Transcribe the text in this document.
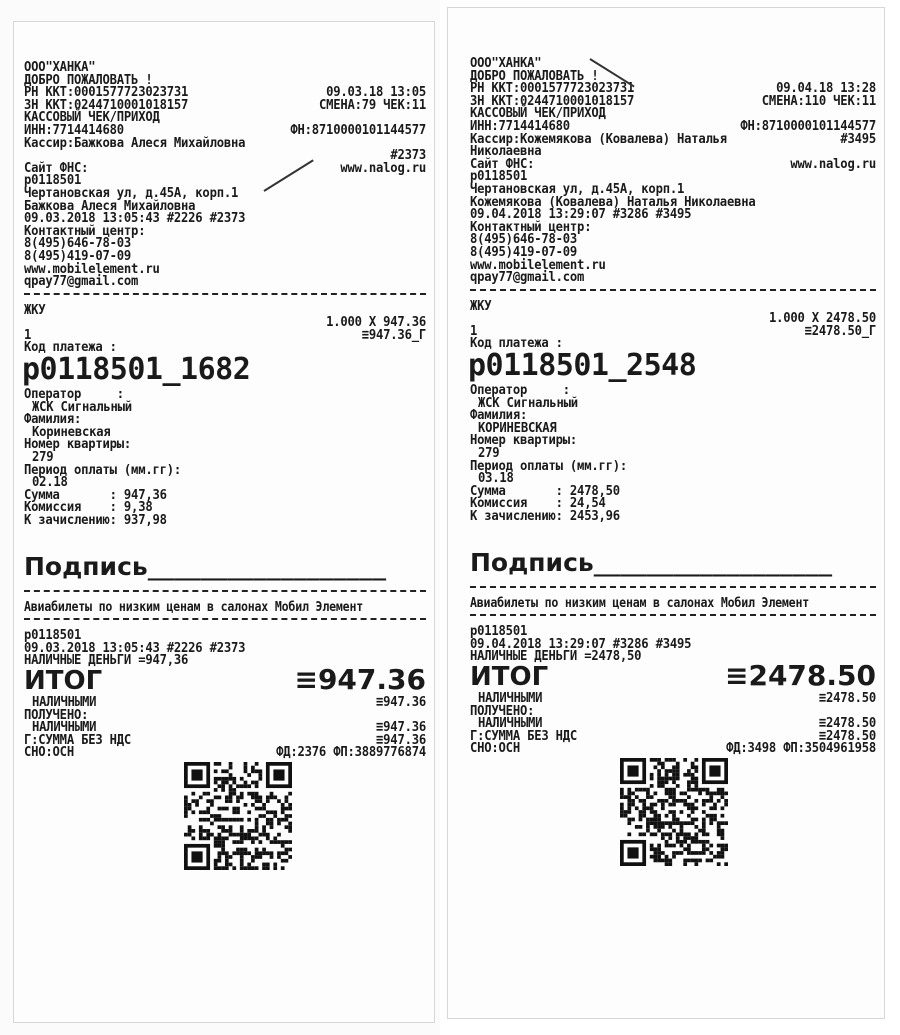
ООО"ХАНКА"
ДОБРО ПОЖАЛОВАТЬ !
РН ККТ:0001577723023731	09.03.18 13:05
ЗН ККТ:0244710001018157	СМЕНА:79 ЧЕК:11
КАССОВЫЙ ЧЕК/ПРИХОД
ИНН:7714414680	ФН:8710000101144577
Кассир:Бажкова Алеся Михайловна
#2373
Сайт ФНС:	www.nalog.ru
р0118501
Чертановская ул, д.45А, корп.1
Бажкова Алеся Михайловна
09.03.2018 13:05:43 #2226 #2373
Контактный центр:
8(495)646-78-03
8(495)419-07-09
www.mobilelement.ru
qpay77@gmail.com
ЖКУ
1.000 X 947.36
1	≡947.36_Г
Код платежа :
р0118501_1682
Оператор     :
ЖСК Сигнальный
Фамилия:
Кориневская
Номер квартиры:
279
Период оплаты (мм.гг):
02.18
Сумма       : 947,36
Комиссия    : 9,38
К зачислению: 937,98
Подпись__________________
Авиабилеты по низким ценам в салонах Мобил Элемент
р0118501
09.03.2018 13:05:43 #2226 #2373
НАЛИЧНЫЕ ДЕНЬГИ =947,36
ИТОГ	≡947.36
НАЛИЧНЫМИ	≡947.36
ПОЛУЧЕНО:
НАЛИЧНЫМИ	≡947.36
Г:СУММА БЕЗ НДС	≡947.36
СНО:ОСН	ФД:2376 ФП:3889776874
ООО"ХАНКА"
ДОБРО ПОЖАЛОВАТЬ !
РН ККТ:0001577723023731	09.04.18 13:28
ЗН ККТ:0244710001018157	СМЕНА:110 ЧЕК:11
КАССОВЫЙ ЧЕК/ПРИХОД
ИНН:7714414680	ФН:8710000101144577
Кассир:Кожемякова (Ковалева) Наталья	#3495
Николаевна
Сайт ФНС:	www.nalog.ru
р0118501
Чертановская ул, д.45А, корп.1
Кожемякова (Ковалева) Наталья Николаевна
09.04.2018 13:29:07 #3286 #3495
Контактный центр:
8(495)646-78-03
8(495)419-07-09
www.mobilelement.ru
qpay77@gmail.com
ЖКУ
1.000 X 2478.50
1	≡2478.50_Г
Код платежа :
р0118501_2548
Оператор     :
ЖСК Сигнальный
Фамилия:
КОРИНЕВСКАЯ
Номер квартиры:
279
Период оплаты (мм.гг):
03.18
Сумма       : 2478,50
Комиссия    : 24,54
К зачислению: 2453,96
Подпись__________________
Авиабилеты по низким ценам в салонах Мобил Элемент
р0118501
09.04.2018 13:29:07 #3286 #3495
НАЛИЧНЫЕ ДЕНЬГИ =2478,50
ИТОГ	≡2478.50
НАЛИЧНЫМИ	≡2478.50
ПОЛУЧЕНО:
НАЛИЧНЫМИ	≡2478.50
Г:СУММА БЕЗ НДС	≡2478.50
СНО:ОСН	ФД:3498 ФП:3504961958
